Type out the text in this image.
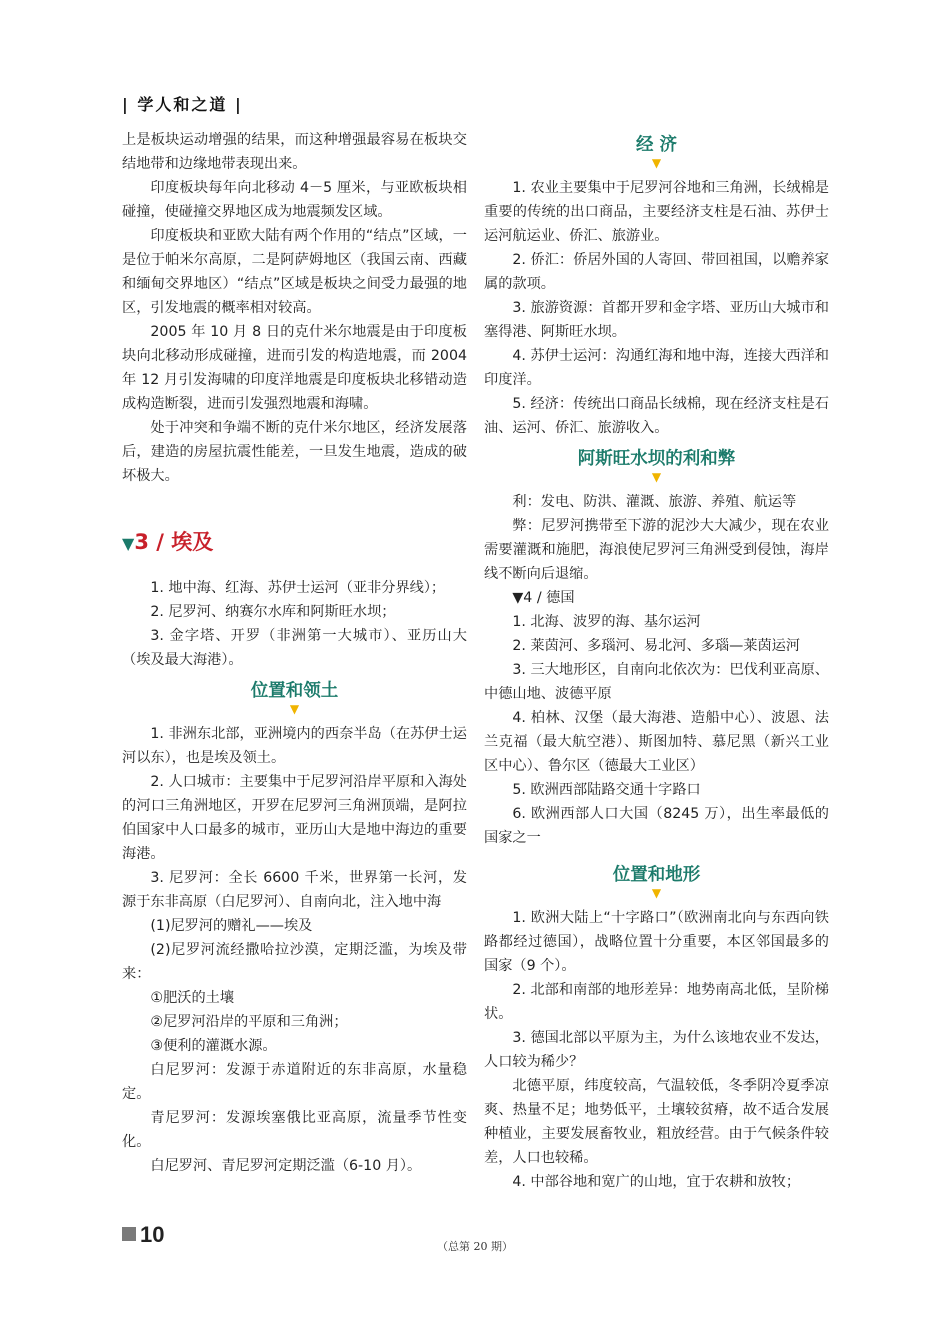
| 学人和之道 |

上是板块运动增强的结果，而这种增强最容易在板块交结地带和边缘地带表现出来。

印度板块每年向北移动 4－5 厘米，与亚欧板块相碰撞，使碰撞交界地区成为地震频发区域。

印度板块和亚欧大陆有两个作用的“结点”区域，一是位于帕米尔高原，二是阿萨姆地区（我国云南、西藏和缅甸交界地区）“结点”区域是板块之间受力最强的地区，引发地震的概率相对较高。

2005 年 10 月 8 日的克什米尔地震是由于印度板块向北移动形成碰撞，进而引发的构造地震，而 2004 年 12 月引发海啸的印度洋地震是印度板块北移错动造成构造断裂，进而引发强烈地震和海啸。

处于冲突和争端不断的克什米尔地区，经济发展落后，建造的房屋抗震性能差，一旦发生地震，造成的破坏极大。

▼3 / 埃及

1. 地中海、红海、苏伊士运河（亚非分界线）；

2. 尼罗河、纳赛尔水库和阿斯旺水坝；

3. 金字塔、开罗（非洲第一大城市）、亚历山大（埃及最大海港）。

位置和领土
▼

1. 非洲东北部，亚洲境内的西奈半岛（在苏伊士运河以东），也是埃及领土。

2. 人口城市：主要集中于尼罗河沿岸平原和入海处的河口三角洲地区，开罗在尼罗河三角洲顶端，是阿拉伯国家中人口最多的城市，亚历山大是地中海边的重要海港。

3. 尼罗河：全长 6600 千米，世界第一长河，发源于东非高原（白尼罗河）、自南向北，注入地中海

(1)尼罗河的赠礼——埃及

(2)尼罗河流经撒哈拉沙漠，定期泛滥，为埃及带来：

①肥沃的土壤

②尼罗河沿岸的平原和三角洲；

③便利的灌溉水源。

白尼罗河：发源于赤道附近的东非高原，水量稳定。

青尼罗河：发源埃塞俄比亚高原，流量季节性变化。

白尼罗河、青尼罗河定期泛滥（6-10 月）。

经 济
▼

1. 农业主要集中于尼罗河谷地和三角洲，长绒棉是重要的传统的出口商品，主要经济支柱是石油、苏伊士运河航运业、侨汇、旅游业。

2. 侨汇：侨居外国的人寄回、带回祖国，以赡养家属的款项。

3. 旅游资源：首都开罗和金字塔、亚历山大城市和塞得港、阿斯旺水坝。

4. 苏伊士运河：沟通红海和地中海，连接大西洋和印度洋。

5. 经济：传统出口商品长绒棉，现在经济支柱是石油、运河、侨汇、旅游收入。

阿斯旺水坝的利和弊
▼

利：发电、防洪、灌溉、旅游、养殖、航运等

弊：尼罗河携带至下游的泥沙大大减少，现在农业需要灌溉和施肥，海浪使尼罗河三角洲受到侵蚀，海岸线不断向后退缩。

▼4 / 德国

1. 北海、波罗的海、基尔运河

2. 莱茵河、多瑙河、易北河、多瑙—莱茵运河

3. 三大地形区，自南向北依次为：巴伐利亚高原、中德山地、波德平原

4. 柏林、汉堡（最大海港、造船中心）、波恩、法兰克福（最大航空港）、斯图加特、慕尼黑（新兴工业区中心）、鲁尔区（德最大工业区）

5. 欧洲西部陆路交通十字路口

6. 欧洲西部人口大国（8245 万），出生率最低的国家之一

位置和地形
▼

1. 欧洲大陆上“十字路口”（欧洲南北向与东西向铁路都经过德国），战略位置十分重要，本区邻国最多的国家（9 个）。

2. 北部和南部的地形差异：地势南高北低，呈阶梯状。

3. 德国北部以平原为主，为什么该地农业不发达，人口较为稀少？

北德平原，纬度较高，气温较低，冬季阴冷夏季凉爽、热量不足；地势低平，土壤较贫瘠，故不适合发展种植业，主要发展畜牧业，粗放经营。由于气候条件较差，人口也较稀。

4. 中部谷地和宽广的山地，宜于农耕和放牧；

10	（总第 20 期）
